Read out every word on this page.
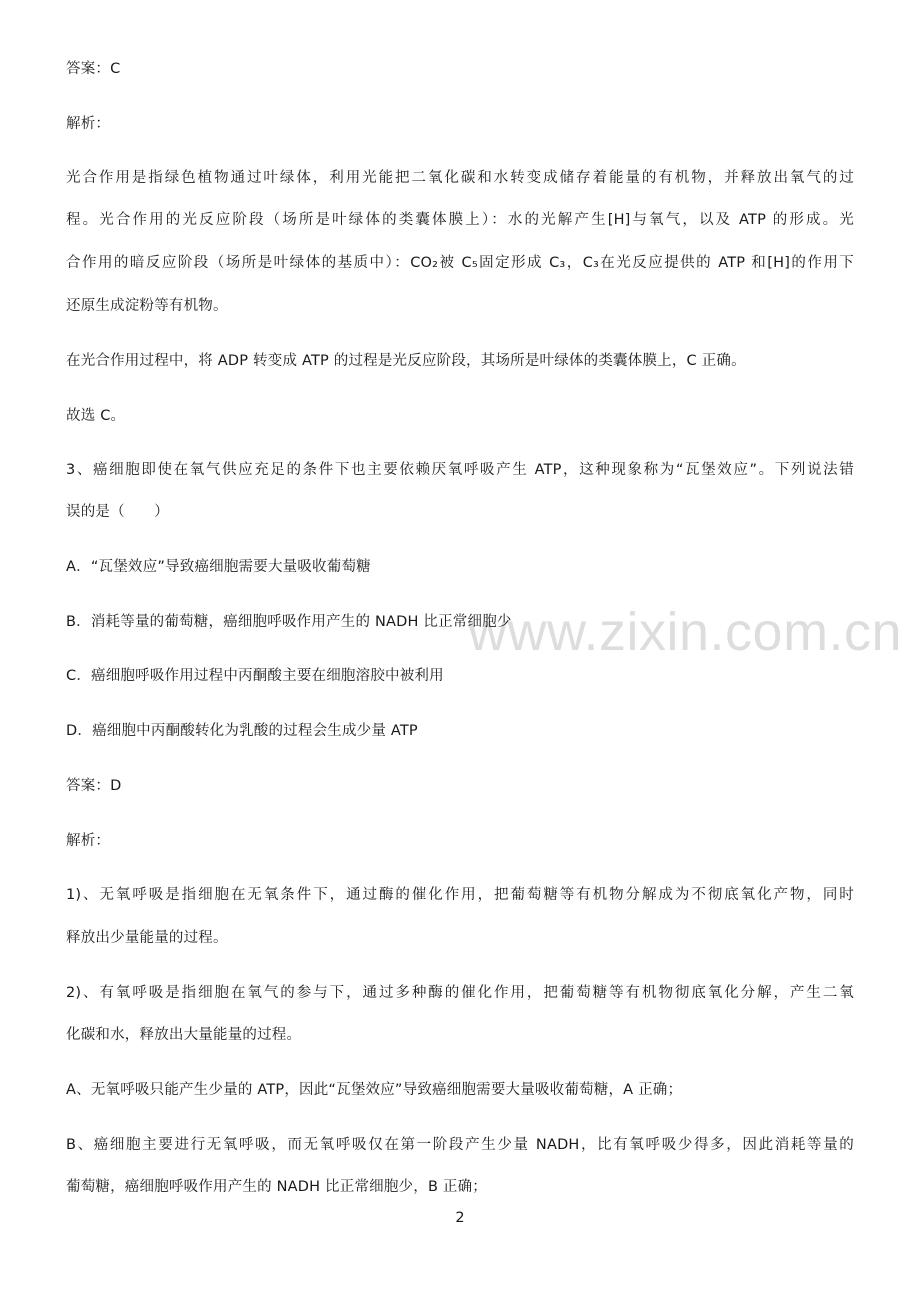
答案：C
解析：
光合作用是指绿色植物通过叶绿体，利用光能把二氧化碳和水转变成储存着能量的有机物，并释放出氧气的过
程。光合作用的光反应阶段（场所是叶绿体的类囊体膜上）：水的光解产生[H]与氧气，以及 ATP 的形成。光
合作用的暗反应阶段（场所是叶绿体的基质中）：CO₂被 C₅固定形成 C₃，C₃在光反应提供的 ATP 和[H]的作用下
还原生成淀粉等有机物。
在光合作用过程中，将 ADP 转变成 ATP 的过程是光反应阶段，其场所是叶绿体的类囊体膜上，C 正确。
故选 C。
3、癌细胞即使在氧气供应充足的条件下也主要依赖厌氧呼吸产生 ATP，这种现象称为“瓦堡效应”。下列说法错
误的是（　　）
A．“瓦堡效应”导致癌细胞需要大量吸收葡萄糖
B．消耗等量的葡萄糖，癌细胞呼吸作用产生的 NADH 比正常细胞少
C．癌细胞呼吸作用过程中丙酮酸主要在细胞溶胶中被利用
D．癌细胞中丙酮酸转化为乳酸的过程会生成少量 ATP
答案：D
解析：
1)、无氧呼吸是指细胞在无氧条件下，通过酶的催化作用，把葡萄糖等有机物分解成为不彻底氧化产物，同时
释放出少量能量的过程。
2)、有氧呼吸是指细胞在氧气的参与下，通过多种酶的催化作用，把葡萄糖等有机物彻底氧化分解，产生二氧
化碳和水，释放出大量能量的过程。
A、无氧呼吸只能产生少量的 ATP，因此“瓦堡效应”导致癌细胞需要大量吸收葡萄糖，A 正确；
B、癌细胞主要进行无氧呼吸，而无氧呼吸仅在第一阶段产生少量 NADH，比有氧呼吸少得多，因此消耗等量的
葡萄糖，癌细胞呼吸作用产生的 NADH 比正常细胞少，B 正确；
www.zixin.com.cn
2
